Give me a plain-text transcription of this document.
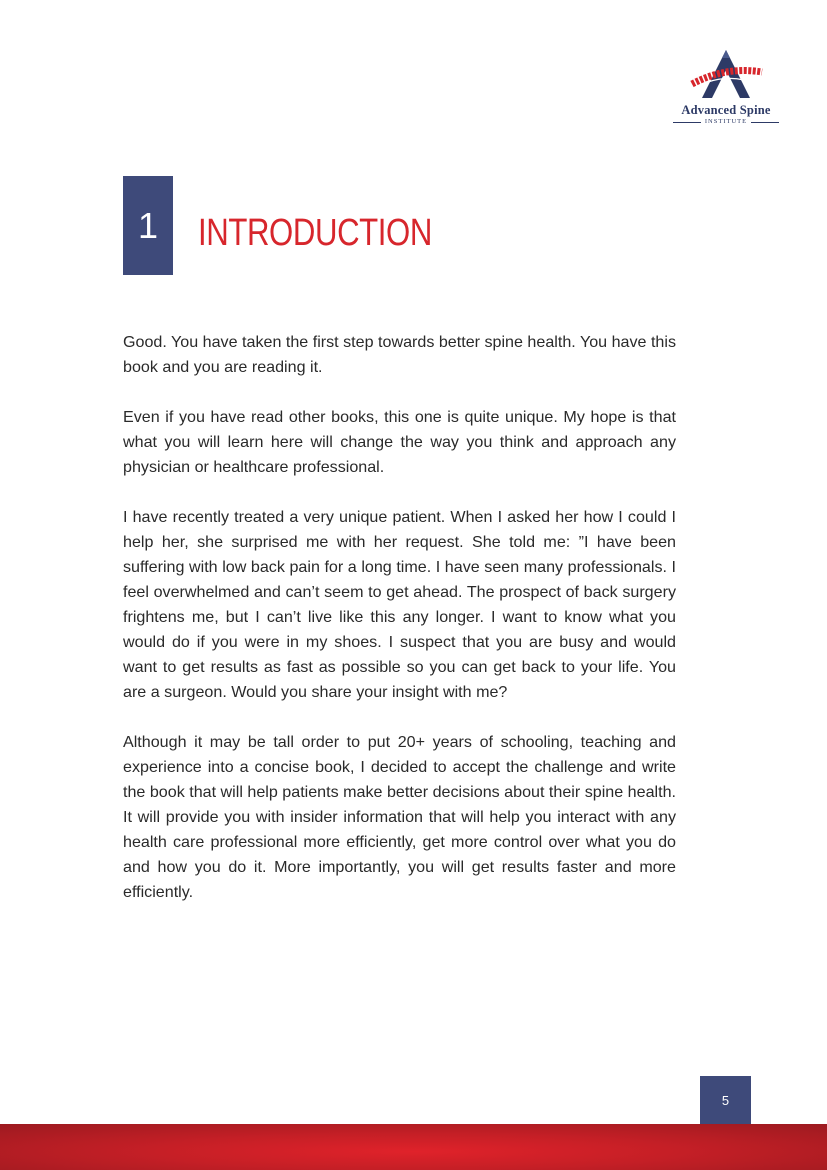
Advanced Spine
INSTITUTE
1 INTRODUCTION

Good. You have taken the first step towards better spine health. You have this book and you are reading it.

Even if you have read other books, this one is quite unique. My hope is that what you will learn here will change the way you think and approach any physician or healthcare professional.

I have recently treated a very unique patient. When I asked her how I could I help her, she surprised me with her request. She told me: ”I have been suffering with low back pain for a long time. I have seen many professionals. I feel overwhelmed and can’t seem to get ahead. The prospect of back surgery frightens me, but I can’t live like this any longer. I want to know what you would do if you were in my shoes. I suspect that you are busy and would want to get results as fast as possible so you can get back to your life. You are a surgeon. Would you share your insight with me?

Although it may be tall order to put 20+ years of schooling, teaching and experience into a concise book, I decided to accept the challenge and write the book that will help patients make better decisions about their spine health. It will provide you with insider information that will help you interact with any health care professional more efficiently, get more control over what you do and how you do it. More importantly, you will get results faster and more efficiently.

5
